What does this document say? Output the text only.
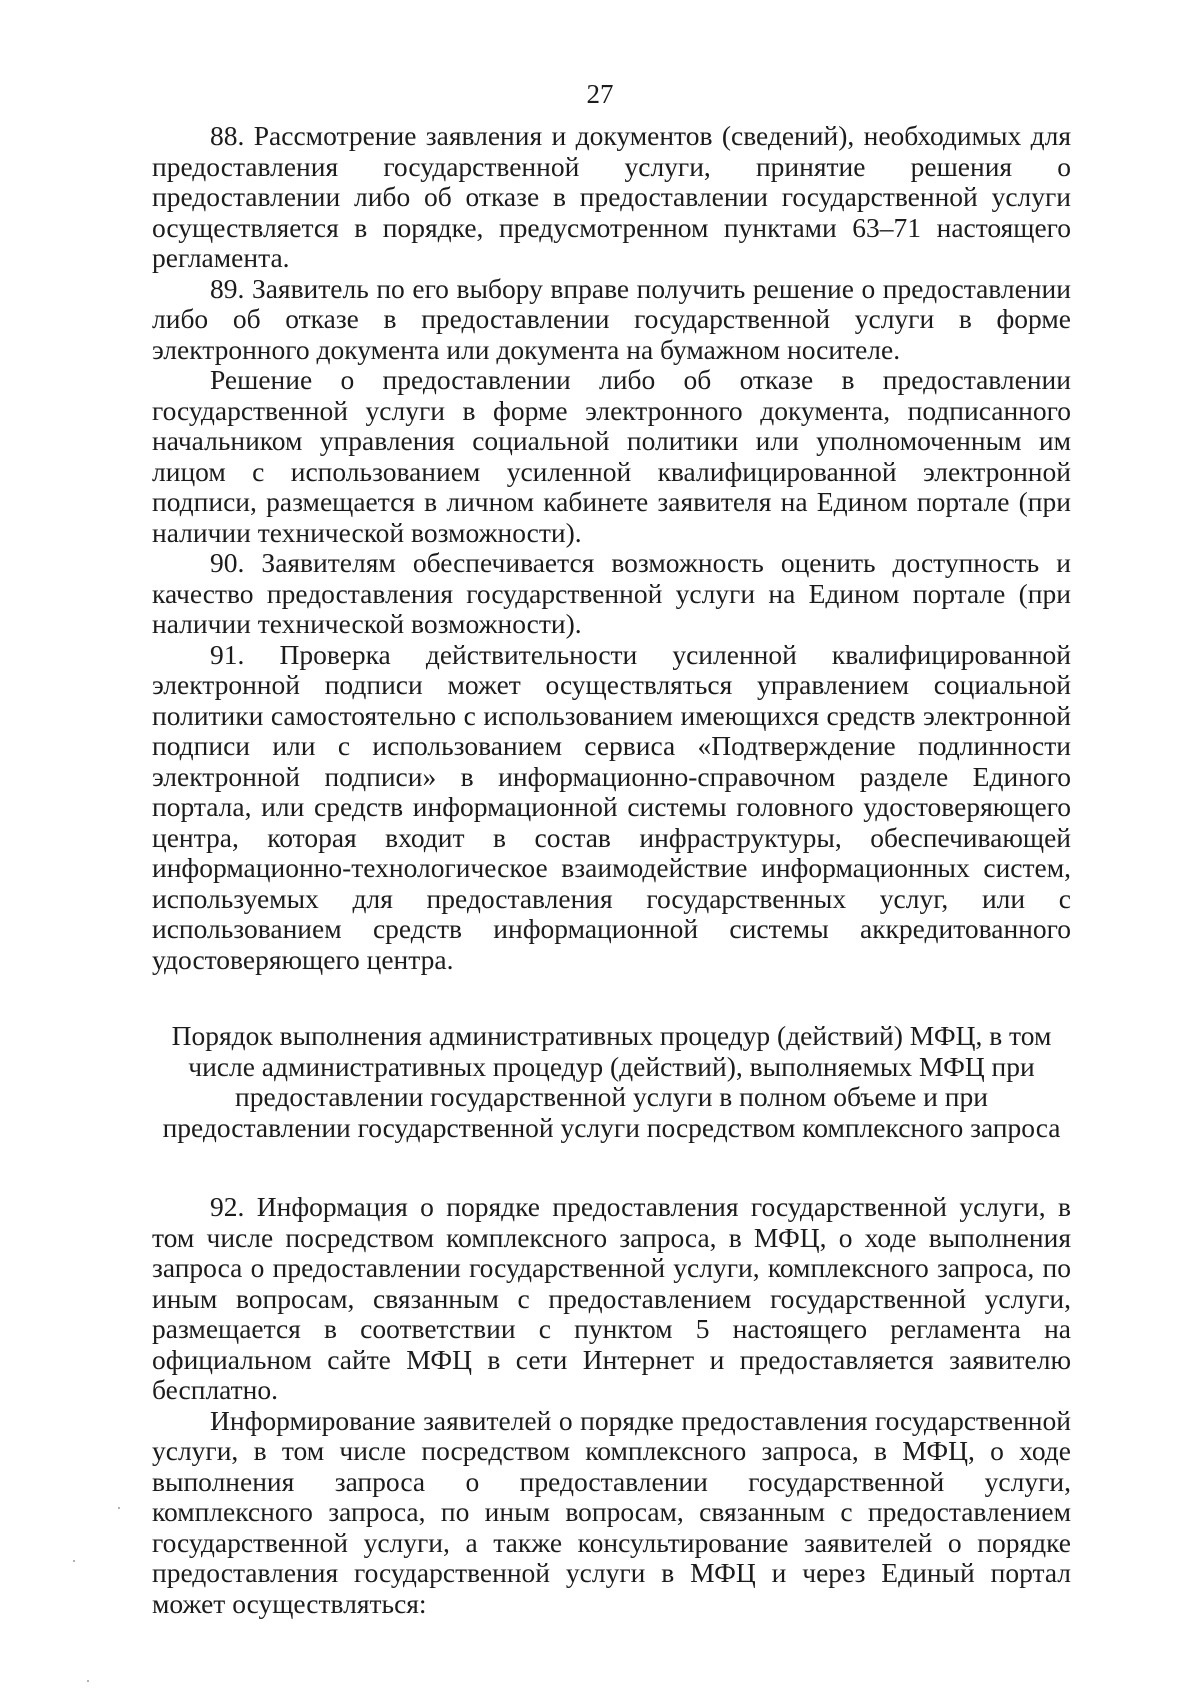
27

88. Рассмотрение заявления и документов (сведений), необходимых для предоставления государственной услуги, принятие решения о предоставлении либо об отказе в предоставлении государственной услуги осуществляется в порядке, предусмотренном пунктами 63–71 настоящего регламента.

89. Заявитель по его выбору вправе получить решение о предоставлении либо об отказе в предоставлении государственной услуги в форме электронного документа или документа на бумажном носителе.

Решение о предоставлении либо об отказе в предоставлении государственной услуги в форме электронного документа, подписанного начальником управления социальной политики или уполномоченным им лицом с использованием усиленной квалифицированной электронной подписи, размещается в личном кабинете заявителя на Едином портале (при наличии технической возможности).

90. Заявителям обеспечивается возможность оценить доступность и качество предоставления государственной услуги на Едином портале (при наличии технической возможности).

91. Проверка действительности усиленной квалифицированной электронной подписи может осуществляться управлением социальной политики самостоятельно с использованием имеющихся средств электронной подписи или с использованием сервиса «Подтверждение подлинности электронной подписи» в информационно-справочном разделе Единого портала, или средств информационной системы головного удостоверяющего центра, которая входит в состав инфраструктуры, обеспечивающей информационно-технологическое взаимодействие информационных систем, используемых для предоставления государственных услуг, или с использованием средств информационной системы аккредитованного удостоверяющего центра.

Порядок выполнения административных процедур (действий) МФЦ, в том числе административных процедур (действий), выполняемых МФЦ при предоставлении государственной услуги в полном объеме и при предоставлении государственной услуги посредством комплексного запроса

92. Информация о порядке предоставления государственной услуги, в том числе посредством комплексного запроса, в МФЦ, о ходе выполнения запроса о предоставлении государственной услуги, комплексного запроса, по иным вопросам, связанным с предоставлением государственной услуги, размещается в соответствии с пунктом 5 настоящего регламента на официальном сайте МФЦ в сети Интернет и предоставляется заявителю бесплатно.

Информирование заявителей о порядке предоставления государственной услуги, в том числе посредством комплексного запроса, в МФЦ, о ходе выполнения запроса о предоставлении государственной услуги, комплексного запроса, по иным вопросам, связанным с предоставлением государственной услуги, а также консультирование заявителей о порядке предоставления государственной услуги в МФЦ и через Единый портал может осуществляться:
